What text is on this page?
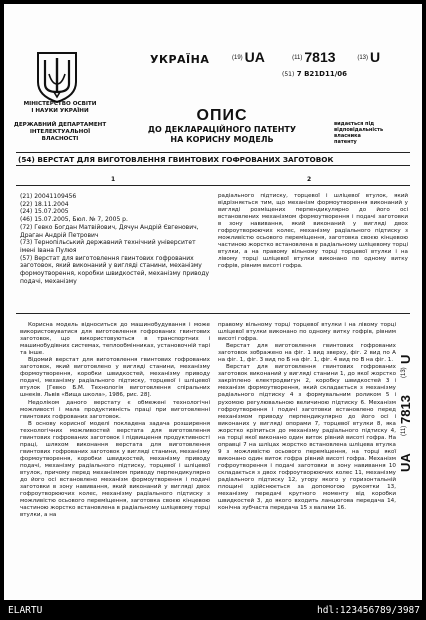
МІНІСТЕРСТВО ОСВІТИ
І НАУКИ УКРАЇНИ
ДЕРЖАВНИЙ ДЕПАРТАМЕНТ
ІНТЕЛЕКТУАЛЬНОЇ
ВЛАСНОСТІ
УКРАЇНА	(19) UA	(11) 7813	(13) U
(51) 7 B21D11/06
ОПИС
ДО ДЕКЛАРАЦІЙНОГО ПАТЕНТУ
НА КОРИСНУ МОДЕЛЬ
видається під
відповідальність
власника
патенту
(54) ВЕРСТАТ ДЛЯ ВИГОТОВЛЕННЯ ГВИНТОВИХ ГОФРОВАНИХ ЗАГОТОВОК
1	2

(21) 20041109456

(22) 18.11.2004

(24) 15.07.2005

(46) 15.07.2005, Бюл. № 7, 2005 р.

(72) Гевко Богдан Матвійович, Дячун Андрій Євгенович, Драган Андрій Петрович

(73) Тернопільський державний технічний університет імені Івана Пулюя

(57) Верстат для виготовлення гвинтових гофрованих заготовок, який виконаний у вигляді станини, механізму формоутворення, коробки швидкостей, механізму приводу подачі, механізму

радіального підтиску, торцевої і шліцевої втулок, який відрізняється тим, що механізм формоутворення виконаний у вигляді розміщених перпендикулярно до його осі встановлених механізмом формоутворення і подачі заготовки в зону навивання, який виконаний у вигляді двох гофроутворюючих колес, механізму радіального підтиску з можливістю осьового переміщення, заготовка своєю кінцевою частиною жорстко встановлена в радіальному шліцевому торці втулки, а на правому вільному торці торцевої втулки і на лівому торці шліцевої втулки виконано по одному витку гофрів, рівним висоті гофра.

Корисна модель відноситься до машинобудування і може використовуватися для виготовлення гофрованих гвинтових заготовок, що використовуються в транспортних і машинобудівних системах, теплообмінниках, установочній тарі та інше.

Відомий верстат для виготовлення гвинтових гофрованих заготовок, який виготовлено у вигляді станини, механізму формоутворення, коробки швидкостей, механізму приводу подачі, механізму радіального підтиску, торцевої і шліцевої втулок [Гевко Б.М. Технологія виготовлення спіральних шнеків. Львів «Вища школа», 1986, рис. 28].

Недоліком даного верстату є обмежені технологічні можливості і мала продуктивність праці при виготовленні гвинтових гофрованих заготовок.

В основу корисної моделі покладена задача розширення технологічних можливостей верстата для виготовлення гвинтових гофрованих заготовок і підвищення продуктивності праці, шляхом виконання верстата для виготовлення гвинтових гофрованих заготовок у вигляді станини, механізму формоутворення, коробки швидкостей, механізму приводу подачі, механізму радіального підтиску, торцевої і шліцевої втулок, причому перед механізмом приводу перпендикулярно до його осі встановлено механізм формоутворення і подачі заготовки в зону навивання, який виконаний у вигляді двох гофроутворюючих колес, механізму радіального підтиску з можливістю осьового переміщення, заготовка своєю кінцевою частиною жорстко встановлена в радіальному шліцевому торці втулки, а на

правому вільному торці торцевої втулки і на лівому торці шліцевої втулки виконано по одному витку гофрів, рівним висоті гофра.

Верстат для виготовлення гвинтових гофрованих заготовок зображено на фіг. 1 вид зверху, фіг. 2 вид по А на фіг. 1, фіг. 3 вид по Б на фіг. 1, фіг. 4 вид по В на фіг. 1.

Верстат для виготовлення гвинтових гофрованих заготовок виконаний у вигляді станини 1, до якої жорстко закріплено електродвигун 2, коробку швидкостей 3 і механізм формоутворення, який складається з механізму радіального підтиску 4 з формувальним роликом 5 і рухомою регулювальною величиною підтиску 6. Механізм гофроутворення і подачі заготовки встановлено перед механізмом приводу перпендикулярно до його осі і виконаних у вигляді опорами 7, торцевої втулки 8, яка жорстко кріпиться до механізму радіального підтиску 4, на торці якої виконано один виток рівний висоті гофра. На оправці 7 на шліцах жорстко встановлена шліцева втулка 9 з можливістю осьового переміщення, на торці якої виконано один виток гофра рівний висоті гофра. Механізм гофроутворення і подачі заготовки в зону навивання 10 складається з двох гофроутворюючих колес 11, механізму радіального підтиску 12, угору якого у горизонтальній площині здійснюється за допомогою рукоятки 13, механізму передачі крутного моменту від коробки швидкостей 3, до якого входить ланцюгова передача 14, конічна зубчаста передача 15 з валами 16.

UA
(11)
7813
(13)
U
ELARTU	hdl:123456789/3987
